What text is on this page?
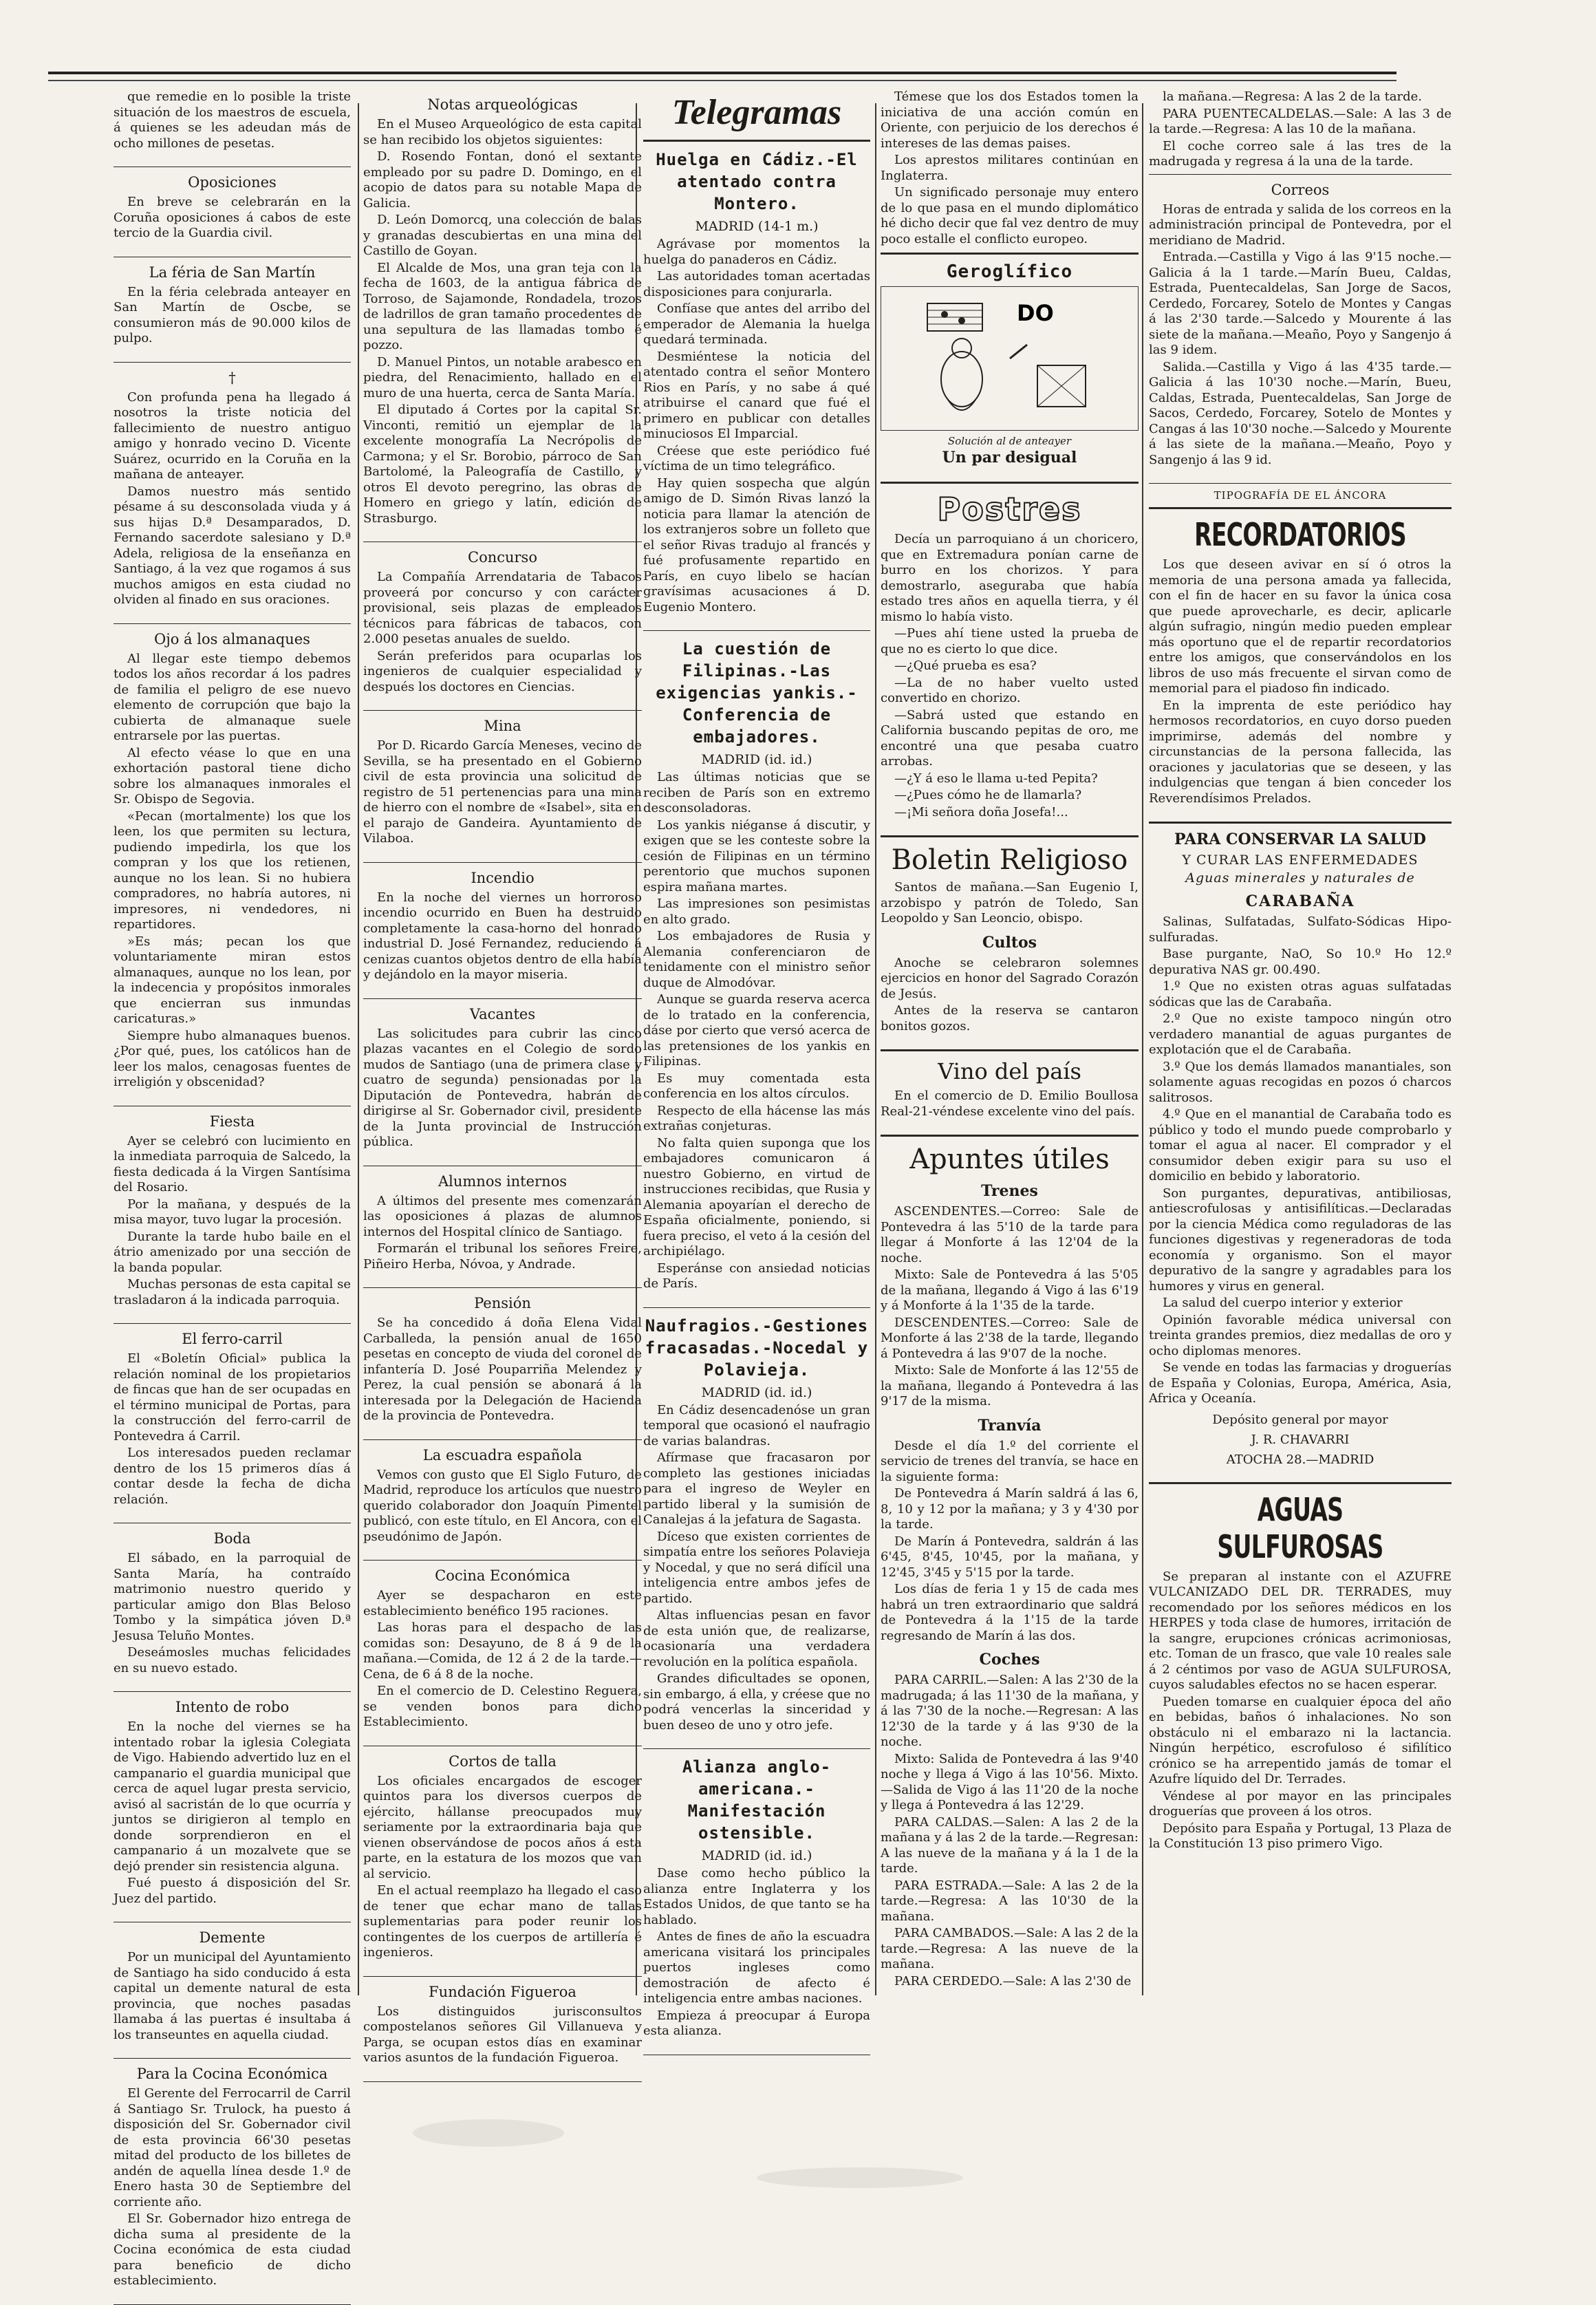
que remedie en lo posible la triste situación de los maestros de escuela, á quienes se les adeudan más de ocho millones de pesetas.

Oposiciones

En breve se celebrarán en la Coruña oposiciones á cabos de este tercio de la Guardia civil.

La féria de San Martín

En la féria celebrada anteayer en San Martín de Oscbe, se consumieron más de 90.000 kilos de pulpo.

†

Con profunda pena ha llegado á nosotros la triste noticia del fallecimiento de nuestro antiguo amigo y honrado vecino D. Vicente Suárez, ocurrido en la Coruña en la mañana de anteayer.

Damos nuestro más sentido pésame á su desconsolada viuda y á sus hijas D.ª Desamparados, D. Fernando sacerdote salesiano y D.ª Adela, religiosa de la enseñanza en Santiago, á la vez que rogamos á sus muchos amigos en esta ciudad no olviden al finado en sus oraciones.

Ojo á los almanaques

Al llegar este tiempo debemos todos los años recordar á los padres de familia el peligro de ese nuevo elemento de corrupción que bajo la cubierta de almanaque suele entrarsele por las puertas.

Al efecto véase lo que en una exhortación pastoral tiene dicho sobre los almanaques inmorales el Sr. Obispo de Segovia.

«Pecan (mortalmente) los que los leen, los que permiten su lectura, pudiendo impedirla, los que los compran y los que los retienen, aunque no los lean. Si no hubiera compradores, no habría autores, ni impresores, ni vendedores, ni repartidores.

»Es más; pecan los que voluntariamente miran estos almanaques, aunque no los lean, por la indecencia y propósitos inmorales que encierran sus inmundas caricaturas.»

Siempre hubo almanaques buenos. ¿Por qué, pues, los católicos han de leer los malos, cenagosas fuentes de irreligión y obscenidad?

Fiesta

Ayer se celebró con lucimiento en la inmediata parroquia de Salcedo, la fiesta dedicada á la Virgen Santísima del Rosario.

Por la mañana, y después de la misa mayor, tuvo lugar la procesión.

Durante la tarde hubo baile en el átrio amenizado por una sección de la banda popular.

Muchas personas de esta capital se trasladaron á la indicada parroquia.

El ferro-carril

El «Boletín Oficial» publica la relación nominal de los propietarios de fincas que han de ser ocupadas en el término municipal de Portas, para la construcción del ferro-carril de Pontevedra á Carril.

Los interesados pueden reclamar dentro de los 15 primeros días á contar desde la fecha de dicha relación.

Boda

El sábado, en la parroquial de Santa María, ha contraído matrimonio nuestro querido y particular amigo don Blas Beloso Tombo y la simpática jóven D.ª Jesusa Teluño Montes.

Deseámosles muchas felicidades en su nuevo estado.

Intento de robo

En la noche del viernes se ha intentado robar la iglesia Colegiata de Vigo. Habiendo advertido luz en el campanario el guardia municipal que cerca de aquel lugar presta servicio, avisó al sacristán de lo que ocurría y juntos se dirigieron al templo en donde sorprendieron en el campanario á un mozalvete que se dejó prender sin resistencia alguna.

Fué puesto á disposición del Sr. Juez del partido.

Demente

Por un municipal del Ayuntamiento de Santiago ha sido conducido á esta capital un demente natural de esta provincia, que noches pasadas llamaba á las puertas é insultaba á los transeuntes en aquella ciudad.

Para la Cocina Económica

El Gerente del Ferrocarril de Carril á Santiago Sr. Trulock, ha puesto á disposición del Sr. Gobernador civil de esta provincia 66'30 pesetas mitad del producto de los billetes de andén de aquella línea desde 1.º de Enero hasta 30 de Septiembre del corriente año.

El Sr. Gobernador hizo entrega de dicha suma al presidente de la Cocina económica de esta ciudad para beneficio de dicho establecimiento.

Notas arqueológicas

En el Museo Arqueológico de esta capital se han recibido los objetos siguientes:

D. Rosendo Fontan, donó el sextante empleado por su padre D. Domingo, en el acopio de datos para su notable Mapa de Galicia.

D. León Domorcq, una colección de balas y granadas descubiertas en una mina del Castillo de Goyan.

El Alcalde de Mos, una gran teja con la fecha de 1603, de la antigua fábrica de Torroso, de Sajamonde, Rondadela, trozos de ladrillos de gran tamaño procedentes de una sepultura de las llamadas tombo é pozzo.

D. Manuel Pintos, un notable arabesco en piedra, del Renacimiento, hallado en el muro de una huerta, cerca de Santa María.

El diputado á Cortes por la capital Sr. Vinconti, remitió un ejemplar de la excelente monografía La Necrópolis de Carmona; y el Sr. Borobio, párroco de San Bartolomé, la Paleografía de Castillo, y otros El devoto peregrino, las obras de Homero en griego y latín, edición de Strasburgo.

Concurso

La Compañía Arrendataria de Tabacos proveerá por concurso y con carácter provisional, seis plazas de empleados técnicos para fábricas de tabacos, con 2.000 pesetas anuales de sueldo.

Serán preferidos para ocuparlas los ingenieros de cualquier especialidad y después los doctores en Ciencias.

Mina

Por D. Ricardo García Meneses, vecino de Sevilla, se ha presentado en el Gobierno civil de esta provincia una solicitud de registro de 51 pertenencias para una mina de hierro con el nombre de «Isabel», sita en el parajo de Gandeira. Ayuntamiento de Vilaboa.

Incendio

En la noche del viernes un horroroso incendio ocurrido en Buen ha destruido completamente la casa-horno del honrado industrial D. José Fernandez, reduciendo á cenizas cuantos objetos dentro de ella había y dejándolo en la mayor miseria.

Vacantes

Las solicitudes para cubrir las cinco plazas vacantes en el Colegio de sordo mudos de Santiago (una de primera clase y cuatro de segunda) pensionadas por la Diputación de Pontevedra, habrán de dirigirse al Sr. Gobernador civil, presidente de la Junta provincial de Instrucción pública.

Alumnos internos

A últimos del presente mes comenzarán las oposiciones á plazas de alumnos internos del Hospital clínico de Santiago.

Formarán el tribunal los señores Freire, Piñeiro Herba, Nóvoa, y Andrade.

Pensión

Se ha concedido á doña Elena Vidal Carballeda, la pensión anual de 1650 pesetas en concepto de viuda del coronel de infantería D. José Pouparriña Melendez y Perez, la cual pensión se abonará á la interesada por la Delegación de Hacienda de la provincia de Pontevedra.

La escuadra española

Vemos con gusto que El Siglo Futuro, de Madrid, reproduce los artículos que nuestro querido colaborador don Joaquín Pimentel publicó, con este título, en El Ancora, con el pseudónimo de Japón.

Cocina Económica

Ayer se despacharon en este establecimiento benéfico 195 raciones.

Las horas para el despacho de las comidas son: Desayuno, de 8 á 9 de la mañana.—Comida, de 12 á 2 de la tarde.—Cena, de 6 á 8 de la noche.

En el comercio de D. Celestino Reguera, se venden bonos para dicho Establecimiento.

Cortos de talla

Los oficiales encargados de escoger quintos para los diversos cuerpos de ejército, hállanse preocupados muy seriamente por la extraordinaria baja que vienen observándose de pocos años á esta parte, en la estatura de los mozos que van al servicio.

En el actual reemplazo ha llegado el caso de tener que echar mano de tallas suplementarias para poder reunir los contingentes de los cuerpos de artillería é ingenieros.

Fundación Figueroa

Los distinguidos jurisconsultos compostelanos señores Gil Villanueva y Parga, se ocupan estos días en examinar varios asuntos de la fundación Figueroa.

Telegramas
Huelga en Cádiz.-El atentado contra Montero.
MADRID (14-1 m.)

Agrávase por momentos la huelga do panaderos en Cádiz.

Las autoridades toman acertadas disposiciones para conjurarla.

Confíase que antes del arribo del emperador de Alemania la huelga quedará terminada.

Desmiéntese la noticia del atentado contra el señor Montero Rios en París, y no sabe á qué atribuirse el canard que fué el primero en publicar con detalles minuciosos El Imparcial.

Créese que este periódico fué víctima de un timo telegráfico.

Hay quien sospecha que algún amigo de D. Simón Rivas lanzó la noticia para llamar la atención de los extranjeros sobre un folleto que el señor Rivas tradujo al francés y fué profusamente repartido en París, en cuyo libelo se hacían gravísimas acusaciones á D. Eugenio Montero.

La cuestión de Filipinas.-Las exigencias yankis.-Conferencia de embajadores.
MADRID (id. id.)

Las últimas noticias que se reciben de París son en extremo desconsoladoras.

Los yankis niéganse á discutir, y exigen que se les conteste sobre la cesión de Filipinas en un término perentorio que muchos suponen espira mañana martes.

Las impresiones son pesimistas en alto grado.

Los embajadores de Rusia y Alemania conferenciaron de tenidamente con el ministro señor duque de Almodóvar.

Aunque se guarda reserva acerca de lo tratado en la conferencia, dáse por cierto que versó acerca de las pretensiones de los yankis en Filipinas.

Es muy comentada esta conferencia en los altos círculos.

Respecto de ella hácense las más extrañas conjeturas.

No falta quien suponga que los embajadores comunicaron á nuestro Gobierno, en virtud de instrucciones recibidas, que Rusia y Alemania apoyarían el derecho de España oficialmente, poniendo, si fuera preciso, el veto á la cesión del archipiélago.

Esperánse con ansiedad noticias de París.

Naufragios.-Gestiones fracasadas.-Nocedal y Polavieja.
MADRID (id. id.)

En Cádiz desencadenóse un gran temporal que ocasionó el naufragio de varias balandras.

Afírmase que fracasaron por completo las gestiones iniciadas para el ingreso de Weyler en partido liberal y la sumisión de Canalejas á la jefatura de Sagasta.

Díceso que existen corrientes de simpatía entre los señores Polavieja y Nocedal, y que no será difícil una inteligencia entre ambos jefes de partido.

Altas influencias pesan en favor de esta unión que, de realizarse, ocasionaría una verdadera revolución en la política española.

Grandes dificultades se oponen, sin embargo, á ella, y créese que no podrá vencerlas la sinceridad y buen deseo de uno y otro jefe.

Alianza anglo-americana.-Manifestación ostensible.
MADRID (id. id.)

Dase como hecho público la alianza entre Inglaterra y los Estados Unidos, de que tanto se ha hablado.

Antes de fines de año la escuadra americana visitará los principales puertos ingleses como demostración de afecto é inteligencia entre ambas naciones.

Empieza á preocupar á Europa esta alianza.

Témese que los dos Estados tomen la iniciativa de una acción común en Oriente, con perjuicio de los derechos é intereses de las demas paises.

Los aprestos militares continúan en Inglaterra.

Un significado personaje muy entero de lo que pasa en el mundo diplomático hé dicho decir que fal vez dentro de muy poco estalle el conflicto europeo.

Geroglífico
DO
Solución al de anteayer
Un par desigual
Postres

Decía un parroquiano á un choricero, que en Extremadura ponían carne de burro en los chorizos. Y para demostrarlo, aseguraba que había estado tres años en aquella tierra, y él mismo lo había visto.

—Pues ahí tiene usted la prueba de que no es cierto lo que dice.

—¿Qué prueba es esa?

—La de no haber vuelto usted convertido en chorizo.

—Sabrá usted que estando en California buscando pepitas de oro, me encontré una que pesaba cuatro arrobas.

—¿Y á eso le llama u-ted Pepita?

—¿Pues cómo he de llamarla?

—¡Mi señora doña Josefa!...

Boletin Religioso

Santos de mañana.—San Eugenio I, arzobispo y patrón de Toledo, San Leopoldo y San Leoncio, obispo.

Cultos

Anoche se celebraron solemnes ejercicios en honor del Sagrado Corazón de Jesús.

Antes de la reserva se cantaron bonitos gozos.

Vino del país

En el comercio de D. Emilio Boullosa Real-21-véndese excelente vino del país.

Apuntes útiles
Trenes

ASCENDENTES.—Correo: Sale de Pontevedra á las 5'10 de la tarde para llegar á Monforte á las 12'04 de la noche.

Mixto: Sale de Pontevedra á las 5'05 de la mañana, llegando á Vigo á las 6'19 y á Monforte á la 1'35 de la tarde.

DESCENDENTES.—Correo: Sale de Monforte á las 2'38 de la tarde, llegando á Pontevedra á las 9'07 de la noche.

Mixto: Sale de Monforte á las 12'55 de la mañana, llegando á Pontevedra á las 9'17 de la misma.

Tranvía

Desde el día 1.º del corriente el servicio de trenes del tranvía, se hace en la siguiente forma:

De Pontevedra á Marín saldrá á las 6, 8, 10 y 12 por la mañana; y 3 y 4'30 por la tarde.

De Marín á Pontevedra, saldrán á las 6'45, 8'45, 10'45, por la mañana, y 12'45, 3'45 y 5'15 por la tarde.

Los días de feria 1 y 15 de cada mes habrá un tren extraordinario que saldrá de Pontevedra á la 1'15 de la tarde regresando de Marín á las dos.

Coches

PARA CARRIL.—Salen: A las 2'30 de la madrugada; á las 11'30 de la mañana, y á las 7'30 de la noche.—Regresan: A las 12'30 de la tarde y á las 9'30 de la noche.

Mixto: Salida de Pontevedra á las 9'40 noche y llega á Vigo á las 10'56. Mixto.—Salida de Vigo á las 11'20 de la noche y llega á Pontevedra á las 12'29.

PARA CALDAS.—Salen: A las 2 de la mañana y á las 2 de la tarde.—Regresan: A las nueve de la mañana y á la 1 de la tarde.

PARA ESTRADA.—Sale: A las 2 de la tarde.—Regresa: A las 10'30 de la mañana.

PARA CAMBADOS.—Sale: A las 2 de la tarde.—Regresa: A las nueve de la mañana.

PARA CERDEDO.—Sale: A las 2'30 de

la mañana.—Regresa: A las 2 de la tarde.

PARA PUENTECALDELAS.—Sale: A las 3 de la tarde.—Regresa: A las 10 de la mañana.

El coche correo sale á las tres de la madrugada y regresa á la una de la tarde.

Correos

Horas de entrada y salida de los correos en la administración principal de Pontevedra, por el meridiano de Madrid.

Entrada.—Castilla y Vigo á las 9'15 noche.—Galicia á la 1 tarde.—Marín Bueu, Caldas, Estrada, Puentecaldelas, San Jorge de Sacos, Cerdedo, Forcarey, Sotelo de Montes y Cangas á las 2'30 tarde.—Salcedo y Mourente á las siete de la mañana.—Meaño, Poyo y Sangenjo á las 9 idem.

Salida.—Castilla y Vigo á las 4'35 tarde.—Galicia á las 10'30 noche.—Marín, Bueu, Caldas, Estrada, Puentecaldelas, San Jorge de Sacos, Cerdedo, Forcarey, Sotelo de Montes y Cangas á las 10'30 noche.—Salcedo y Mourente á las siete de la mañana.—Meaño, Poyo y Sangenjo á las 9 id.

TIPOGRAFÍA DE EL ÁNCORA
RECORDATORIOS

Los que deseen avivar en sí ó otros la memoria de una persona amada ya fallecida, con el fin de hacer en su favor la única cosa que puede aprovecharle, es decir, aplicarle algún sufragio, ningún medio pueden emplear más oportuno que el de repartir recordatorios entre los amigos, que conservándolos en los libros de uso más frecuente el sirvan como de memorial para el piadoso fin indicado.

En la imprenta de este periódico hay hermosos recordatorios, en cuyo dorso pueden imprimirse, además del nombre y circunstancias de la persona fallecida, las oraciones y jaculatorias que se deseen, y las indulgencias que tengan á bien conceder los Reverendísimos Prelados.

PARA CONSERVAR LA SALUD
Y CURAR LAS ENFERMEDADES
Aguas minerales y naturales de
CARABAÑA

Salinas, Sulfatadas, Sulfato-Sódicas Hipo-sulfuradas.

Base purgante, NaO, So 10.º Ho 12.º depurativa NAS gr. 00.490.

1.º Que no existen otras aguas sulfatadas sódicas que las de Carabaña.

2.º Que no existe tampoco ningún otro verdadero manantial de aguas purgantes de explotación que el de Carabaña.

3.º Que los demás llamados manantiales, son solamente aguas recogidas en pozos ó charcos salitrosos.

4.º Que en el manantial de Carabaña todo es público y todo el mundo puede comprobarlo y tomar el agua al nacer. El comprador y el consumidor deben exigir para su uso el domicilio en bebido y laboratorio.

Son purgantes, depurativas, antibiliosas, antiescrofulosas y antisifilíticas.—Declaradas por la ciencia Médica como reguladoras de las funciones digestivas y regeneradoras de toda economía y organismo. Son el mayor depurativo de la sangre y agradables para los humores y virus en general.

La salud del cuerpo interior y exterior

Opinión favorable médica universal con treinta grandes premios, diez medallas de oro y ocho diplomas menores.

Se vende en todas las farmacias y droguerías de España y Colonias, Europa, América, Asia, Africa y Oceanía.

Depósito general por mayor
J. R. CHAVARRI
ATOCHA 28.—MADRID
AGUAS SULFUROSAS

Se preparan al instante con el AZUFRE VULCANIZADO DEL DR. TERRADES, muy recomendado por los señores médicos en los HERPES y toda clase de humores, irritación de la sangre, erupciones crónicas acrimoniosas, etc. Toman de un frasco, que vale 10 reales sale á 2 céntimos por vaso de AGUA SULFUROSA, cuyos saludables efectos no se hacen esperar.

Pueden tomarse en cualquier época del año en bebidas, baños ó inhalaciones. No son obstáculo ni el embarazo ni la lactancia. Ningún herpético, escrofuloso é sifilítico crónico se ha arrepentido jamás de tomar el Azufre líquido del Dr. Terrades.

Véndese al por mayor en las principales droguerías que proveen á los otros.

Depósito para España y Portugal, 13 Plaza de la Constitución 13 piso primero Vigo.
